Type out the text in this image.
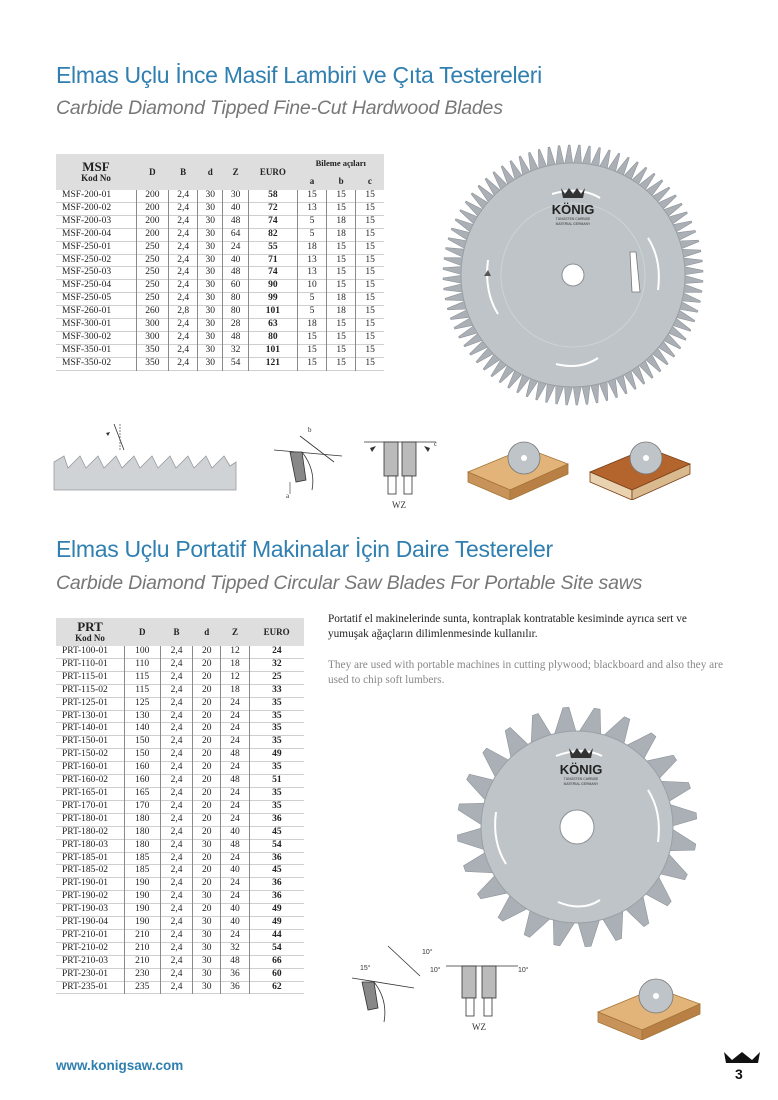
Elmas Uçlu İnce Masif Lambiri ve Çıta Testereleri
Carbide Diamond Tipped Fine-Cut Hardwood Blades
MSF
Kod No	D	B	d	Z	EURO	Bileme açıları		
						a	b	c
MSF-200-01	200	2,4	30	30	58	15	15	15
MSF-200-02	200	2,4	30	40	72	13	15	15
MSF-200-03	200	2,4	30	48	74	5	18	15
MSF-200-04	200	2,4	30	64	82	5	18	15
MSF-250-01	250	2,4	30	24	55	18	15	15
MSF-250-02	250	2,4	30	40	71	13	15	15
MSF-250-03	250	2,4	30	48	74	13	15	15
MSF-250-04	250	2,4	30	60	90	10	15	15
MSF-250-05	250	2,4	30	80	99	5	18	15
MSF-260-01	260	2,8	30	80	101	5	18	15
MSF-300-01	300	2,4	30	28	63	18	15	15
MSF-300-02	300	2,4	30	48	80	15	15	15
MSF-350-01	350	2,4	30	32	101	15	15	15
MSF-350-02	350	2,4	30	54	121	15	15	15
KÖNIG
TUNGSTEN CARBIDE
MATERIAL GERMANY
b
a
c
WZ
Elmas Uçlu Portatif Makinalar İçin Daire Testereler
Carbide Diamond Tipped Circular Saw Blades For Portable Site saws
PRT
Kod No	D	B	d	Z	EURO
PRT-100-01	100	2,4	20	12	24
PRT-110-01	110	2,4	20	18	32
PRT-115-01	115	2,4	20	12	25
PRT-115-02	115	2,4	20	18	33
PRT-125-01	125	2,4	20	24	35
PRT-130-01	130	2,4	20	24	35
PRT-140-01	140	2,4	20	24	35
PRT-150-01	150	2,4	20	24	35
PRT-150-02	150	2,4	20	48	49
PRT-160-01	160	2,4	20	24	35
PRT-160-02	160	2,4	20	48	51
PRT-165-01	165	2,4	20	24	35
PRT-170-01	170	2,4	20	24	35
PRT-180-01	180	2,4	20	24	36
PRT-180-02	180	2,4	20	40	45
PRT-180-03	180	2,4	30	48	54
PRT-185-01	185	2,4	20	24	36
PRT-185-02	185	2,4	20	40	45
PRT-190-01	190	2,4	20	24	36
PRT-190-02	190	2,4	30	24	36
PRT-190-03	190	2,4	20	40	49
PRT-190-04	190	2,4	30	40	49
PRT-210-01	210	2,4	30	24	44
PRT-210-02	210	2,4	30	32	54
PRT-210-03	210	2,4	30	48	66
PRT-230-01	230	2,4	30	36	60
PRT-235-01	235	2,4	30	36	62
Portatif el makinelerinde sunta, kontraplak kontratable kesiminde ayrıca sert ve yumuşak ağaçların dilimlenmesinde kullanılır.
They are used with portable machines in cutting plywood; blackboard and also they are used to chip soft lumbers.
KÖNIG
TUNGSTEN CARBIDE
MATERIAL GERMANY
15°
10°
10°	10°
WZ
www.konigsaw.com
3
